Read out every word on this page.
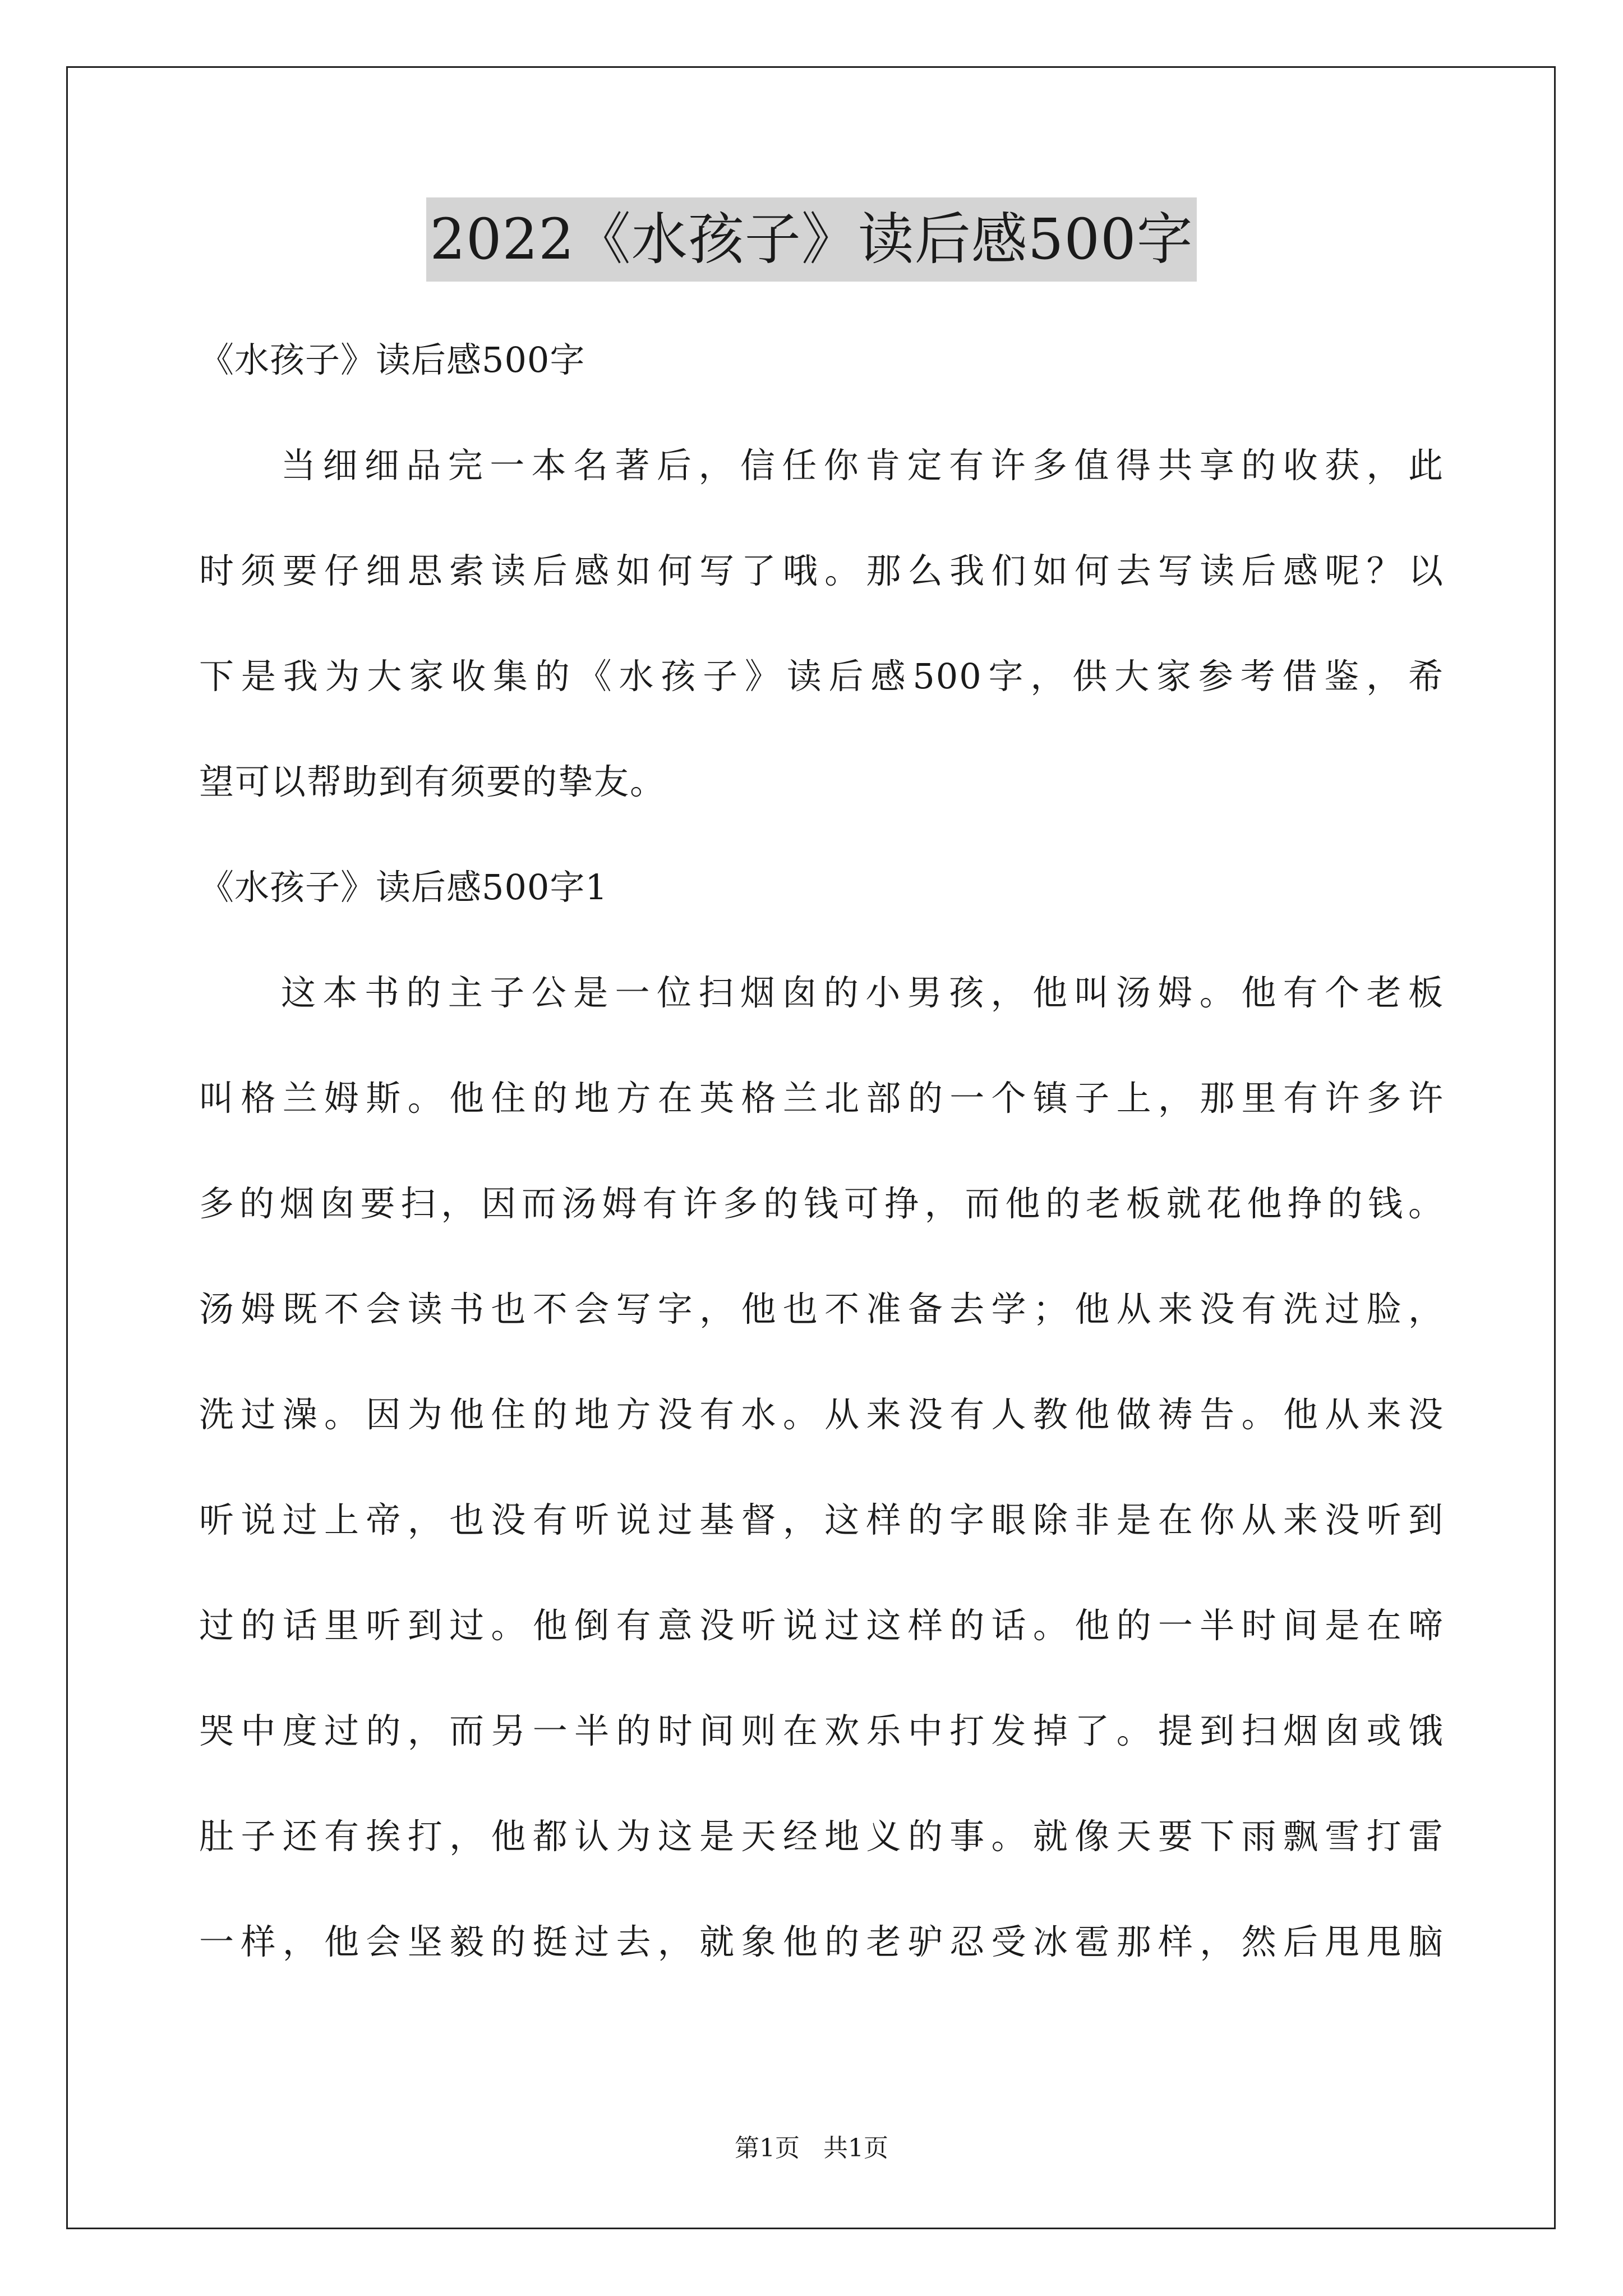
2022《水孩子》读后感500字
《水孩子》读后感500字
当细细品完一本名著后，信任你肯定有许多值得共享的收获，此
时须要仔细思索读后感如何写了哦。那么我们如何去写读后感呢？以
下是我为大家收集的《水孩子》读后感500字，供大家参考借鉴，希
望可以帮助到有须要的挚友。
《水孩子》读后感500字1
这本书的主子公是一位扫烟囱的小男孩，他叫汤姆。他有个老板
叫格兰姆斯。他住的地方在英格兰北部的一个镇子上，那里有许多许
多的烟囱要扫，因而汤姆有许多的钱可挣，而他的老板就花他挣的钱。
汤姆既不会读书也不会写字，他也不准备去学；他从来没有洗过脸，
洗过澡。因为他住的地方没有水。从来没有人教他做祷告。他从来没
听说过上帝，也没有听说过基督，这样的字眼除非是在你从来没听到
过的话里听到过。他倒有意没听说过这样的话。他的一半时间是在啼
哭中度过的，而另一半的时间则在欢乐中打发掉了。提到扫烟囱或饿
肚子还有挨打，他都认为这是天经地义的事。就像天要下雨飘雪打雷
一样，他会坚毅的挺过去，就象他的老驴忍受冰雹那样，然后甩甩脑
第1页 共1页
